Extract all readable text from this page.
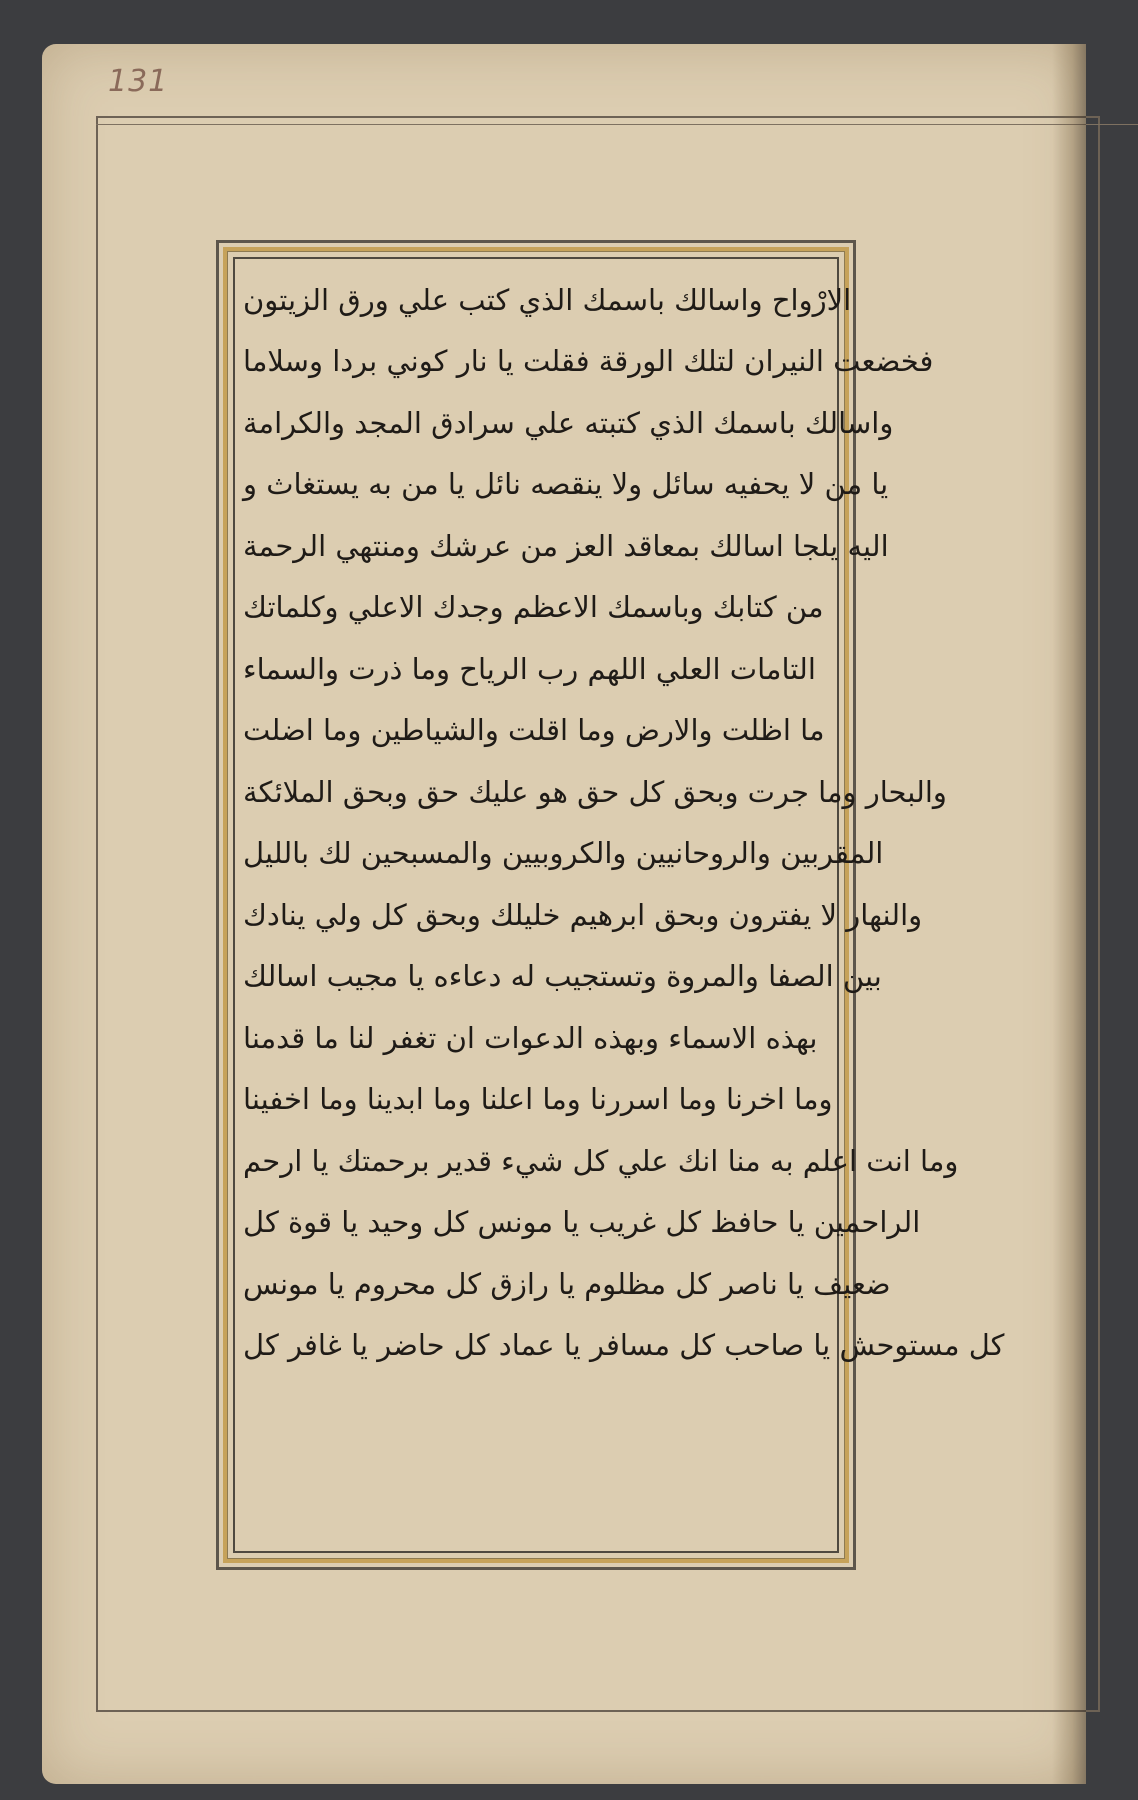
131
الارْواح واسالك باسمك الذي كتب علي ورق الزيتون
فخضعت النيران لتلك الورقة فقلت يا نار كوني بردا وسلاما
واسالك باسمك الذي كتبته علي سرادق المجد والكرامة
يا من لا يحفيه سائل ولا ينقصه نائل يا من به يستغاث و
اليه يلجا اسالك بمعاقد العز من عرشك ومنتهي الرحمة
من كتابك وباسمك الاعظم وجدك الاعلي وكلماتك
التامات العلي اللهم رب الرياح وما ذرت والسماء
ما اظلت والارض وما اقلت والشياطين وما اضلت
والبحار وما جرت وبحق كل حق هو عليك حق وبحق الملائكة
المقربين والروحانيين والكروبيين والمسبحين لك بالليل
والنهار لا يفترون وبحق ابرهيم خليلك وبحق كل ولي ينادك
بين الصفا والمروة وتستجيب له دعاءه يا مجيب اسالك
بهذه الاسماء وبهذه الدعوات ان تغفر لنا ما قدمنا
وما اخرنا وما اسررنا وما اعلنا وما ابدينا وما اخفينا
وما انت اعلم به منا انك علي كل شيء قدير برحمتك يا ارحم
الراحمين يا حافظ كل غريب يا مونس كل وحيد يا قوة كل
ضعيف يا ناصر كل مظلوم يا رازق كل محروم يا مونس
كل مستوحش يا صاحب كل مسافر يا عماد كل حاضر يا غافر كل
